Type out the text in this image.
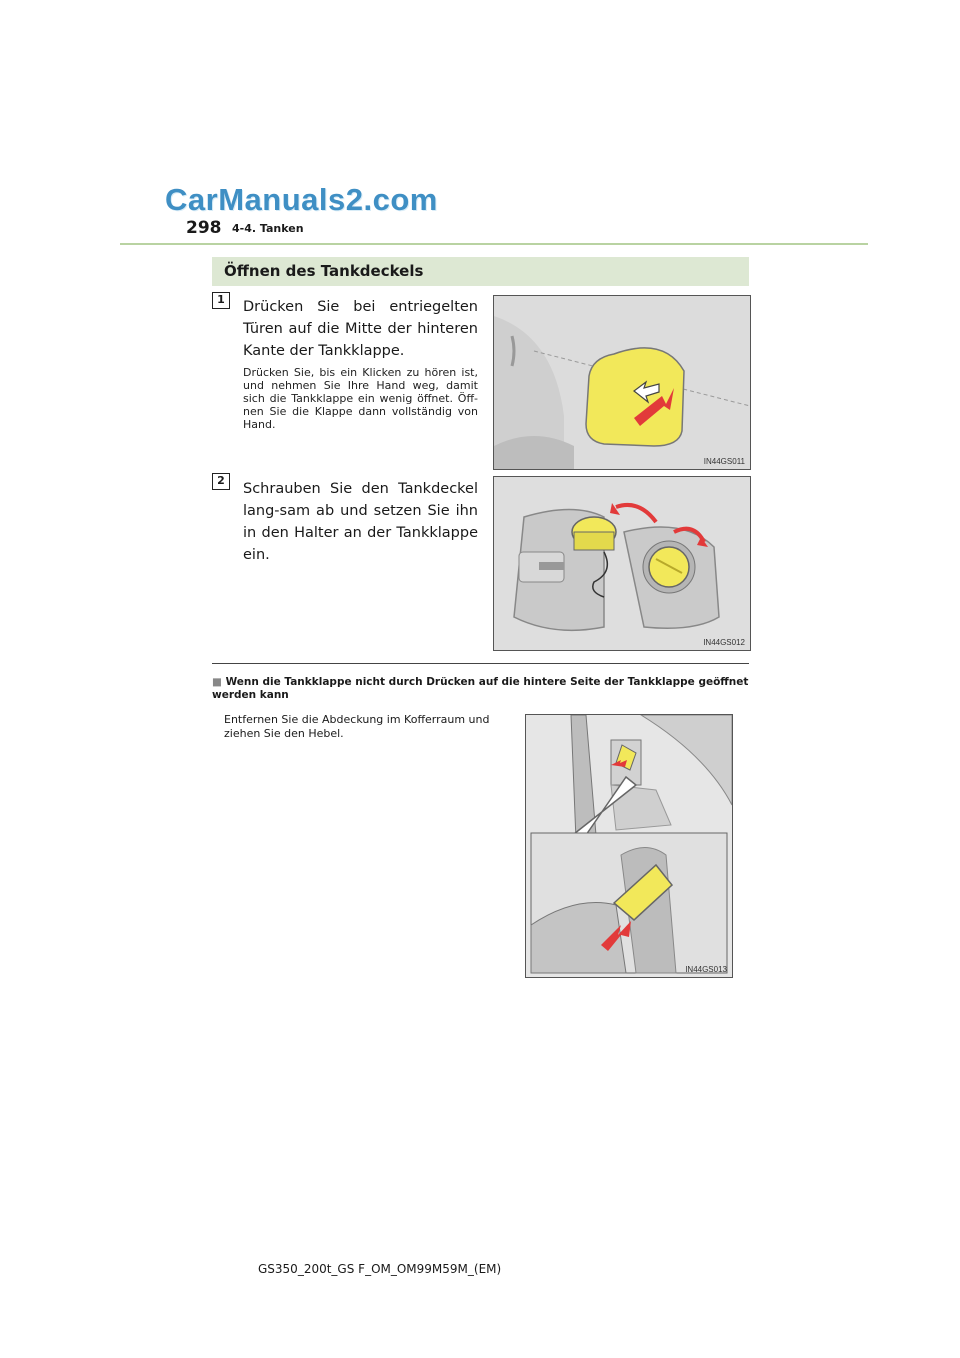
CarManuals2.com
298 4-4. Tanken
Öffnen des Tankdeckels
1	Drücken Sie bei entriegelten Türen auf die Mitte der hinteren Kante der Tankklappe.
Drücken Sie, bis ein Klicken zu hören ist, und nehmen Sie Ihre Hand weg, damit sich die Tankklappe ein wenig öffnet. Öff-nen Sie die Klappe dann vollständig von Hand.
IN44GS011
2
Schrauben Sie den Tankdeckel lang-sam ab und setzen Sie ihn in den Halter an der Tankklappe ein.
IN44GS012
■ Wenn die Tankklappe nicht durch Drücken auf die hintere Seite der Tankklappe geöffnet werden kann
Entfernen Sie die Abdeckung im Kofferraum und ziehen Sie den Hebel.
IN44GS013
GS350_200t_GS F_OM_OM99M59M_(EM)
